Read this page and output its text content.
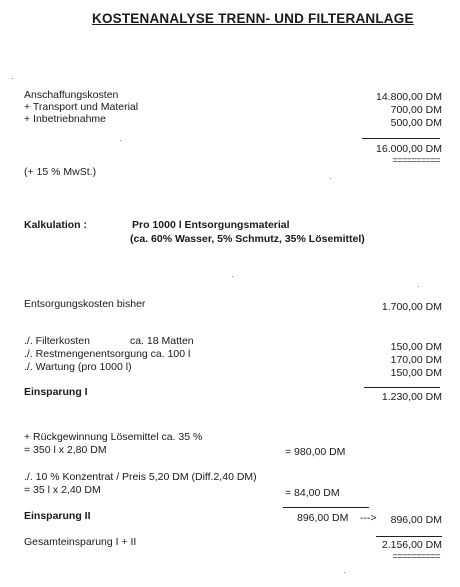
KOSTENANALYSE TRENN- UND FILTERANLAGE
Anschaffungskosten	14.800,00 DM
+ Transport und Material	700,00 DM
+ Inbetriebnahme	500,00 DM
16.000,00 DM
==========
(+ 15 % MwSt.)
Kalkulation :	Pro 1000 l Entsorgungsmaterial
(ca. 60% Wasser, 5% Schmutz, 35% Lösemittel)
Entsorgungskosten bisher	1.700,00 DM
./. Filterkosten	ca. 18 Matten	150,00 DM
./. Restmengenentsorgung ca. 100 l	170,00 DM
./. Wartung (pro 1000 l)	150,00 DM
Einsparung I	1.230,00 DM
+ Rückgewinnung Lösemittel ca. 35 %
= 350 l x 2,80 DM	= 980,00 DM
./. 10 % Konzentrat / Preis 5,20 DM (Diff.2,40 DM)
= 35 l x 2,40 DM	= 84,00 DM
Einsparung II	896,00 DM ---> 896,00 DM
Gesamteinsparung I + II	2.156,00 DM
==========
